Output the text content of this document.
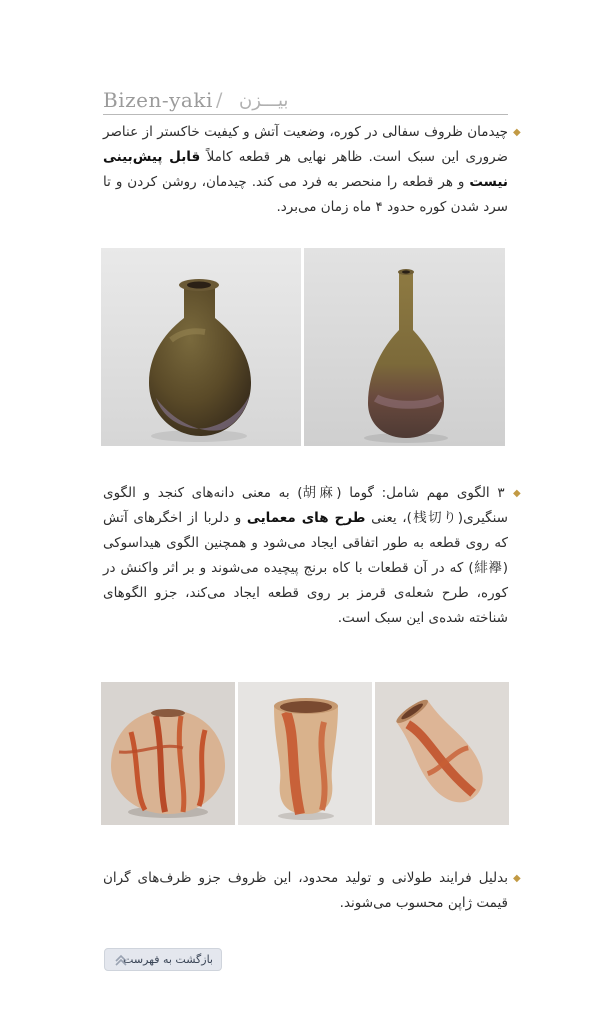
Bizen-yaki / بیـــزن
◆
چیدمان ظروف سفالی در کوره، وضعیت آتش و کیفیت خاکستر از عناصر ضروری این سبک است. ظاهر نهایی هر قطعه کاملاً قابل پیش‌بینی نیست و هر قطعه را منحصر به فرد می کند. چیدمان، روشن کردن و تا سرد شدن کوره حدود ۴ ماه زمان می‌برد.
◆
۳ الگوی مهم شامل: گوما (胡麻) به معنی دانه‌های کنجد و الگوی سنگیری(桟切り)، یعنی طرح های معمایی و دلربا از اخگرهای آتش که روی قطعه به طور اتفاقی ایجاد می‌شود و همچنین الگوی هیداسوکی (緋襷) که در آن قطعات با کاه برنج پیچیده می‌شوند و بر اثر واکنش در کوره، طرح شعله‌ی قرمز بر روی قطعه ایجاد می‌کند، جزو الگوهای شناخته شده‌ی این سبک است.
◆
بدلیل فرایند طولانی و تولید محدود، این ظروف جزو ظرف‌های گران قیمت ژاپن محسوب می‌شوند.
بازگشت به فهرست
